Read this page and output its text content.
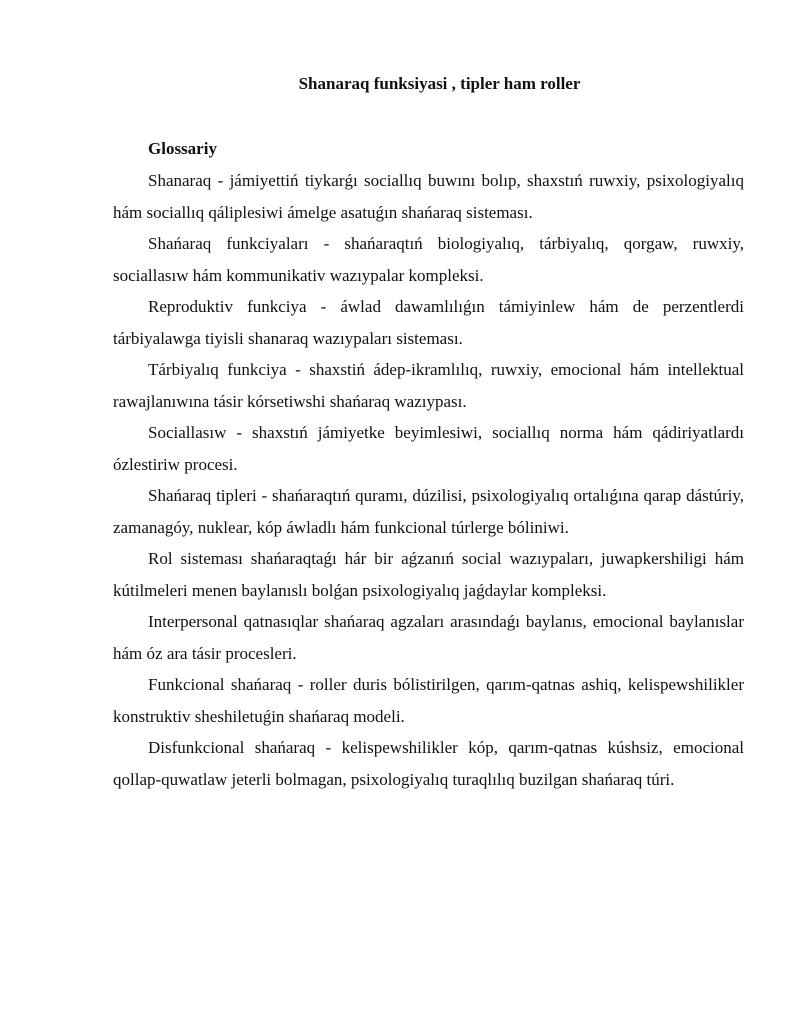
Shanaraq funksiyasi , tipler ham roller
Glossariy

Shanaraq - jámiyettiń tiykarǵı sociallıq buwını bolıp, shaxstıń ruwxiy, psixologiyalıq hám sociallıq qáliplesiwi ámelge asatuǵın shańaraq sisteması.

Shańaraq funkciyaları - shańaraqtıń biologiyalıq, tárbiyalıq, qorgaw, ruwxiy, sociallasıw hám kommunikativ wazıypalar kompleksi.

Reproduktiv funkciya - áwlad dawamlılıǵın támiyinlew hám de perzentlerdi tárbiyalawga tiyisli shanaraq wazıypaları sisteması.

Tárbiyalıq funkciya - shaxstiń ádep-ikramlılıq, ruwxiy, emocional hám intellektual rawajlanıwına tásir kórsetiwshi shańaraq wazıypası.

Sociallasıw - shaxstıń jámiyetke beyimlesiwi, sociallıq norma hám qádiriyatlardı ózlestiriw procesi.

Shańaraq tipleri - shańaraqtıń quramı, dúzilisi, psixologiyalıq ortalıǵına qarap dástúriy, zamanagóy, nuklear, kóp áwladlı hám funkcional túrlerge bóliniwi.

Rol sisteması shańaraqtaǵı hár bir aǵzanıń social wazıypaları, juwapkershiligi hám kútilmeleri menen baylanıslı bolǵan psixologiyalıq jaǵdaylar kompleksi.

Interpersonal qatnasıqlar shańaraq agzaları arasındaǵı baylanıs, emocional baylanıslar hám óz ara tásir procesleri.

Funkcional shańaraq - roller duris bólistirilgen, qarım-qatnas ashiq, kelispewshilikler konstruktiv sheshiletuǵin shańaraq modeli.

Disfunkcional shańaraq - kelispewshilikler kóp, qarım-qatnas kúshsiz, emocional qollap-quwatlaw jeterli bolmagan, psixologiyalıq turaqlılıq buzilgan shańaraq túri.
